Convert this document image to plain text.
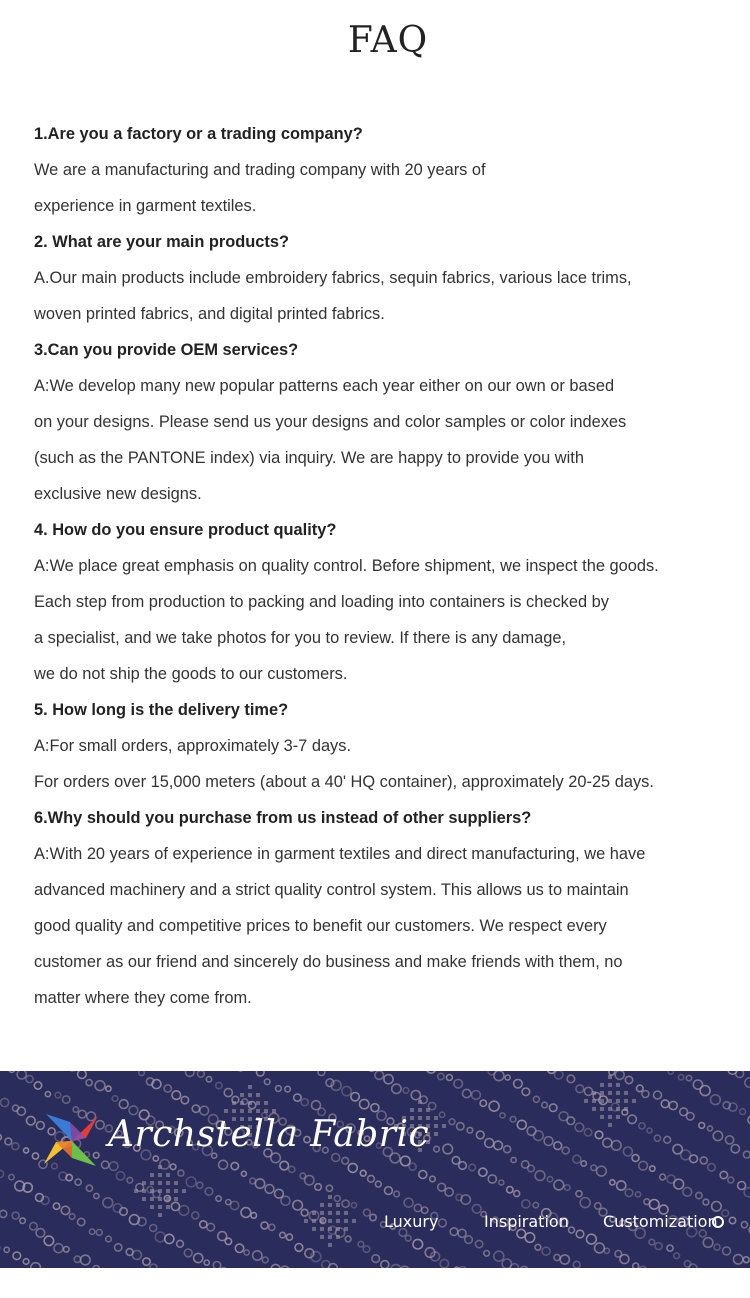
FAQ
1.Are you a factory or a trading company?
We are a manufacturing and trading company with 20 years of
experience in garment textiles.
2. What are your main products?
A.Our main products include embroidery fabrics, sequin fabrics, various lace trims,
woven printed fabrics, and digital printed fabrics.
3.Can you provide OEM services?
A:We develop many new popular patterns each year either on our own or based
on your designs. Please send us your designs and color samples or color indexes
(such as the PANTONE index) via inquiry. We are happy to provide you with
exclusive new designs.
4. How do you ensure product quality?
A:We place great emphasis on quality control. Before shipment, we inspect the goods.
Each step from production to packing and loading into containers is checked by
a specialist, and we take photos for you to review. If there is any damage,
we do not ship the goods to our customers.
5. How long is the delivery time?
A:For small orders, approximately 3-7 days.
For orders over 15,000 meters (about a 40' HQ container), approximately 20-25 days.
6.Why should you purchase from us instead of other suppliers?
A:With 20 years of experience in garment textiles and direct manufacturing, we have
advanced machinery and a strict quality control system. This allows us to maintain
good quality and competitive prices to benefit our customers. We respect every
customer as our friend and sincerely do business and make friends with them, no
matter where they come from.
Archstella Fabric
Luxury	Inspiration Customization
